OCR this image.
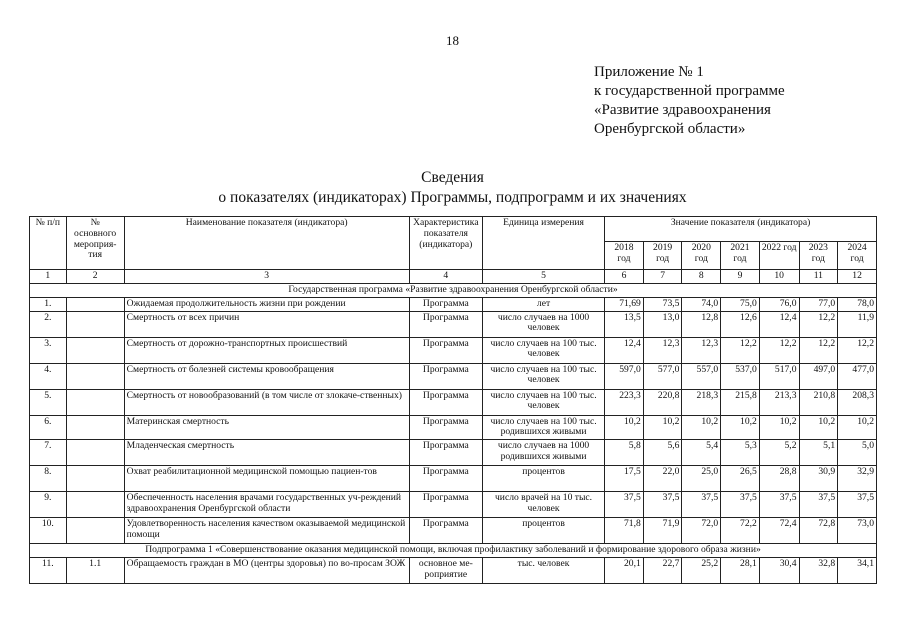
18
Приложение № 1
к государственной программе
«Развитие здравоохранения
Оренбургской области»
Сведения
о показателях (индикаторах) Программы, подпрограмм и их значениях
№ п/п	№ основного мероприя-тия	Наименование показателя (индикатора)	Характеристика показателя (индикатора)	Единица измерения	Значение показателя (индикатора)						
					2018 год	2019 год	2020 год	2021 год	2022 год	2023 год	2024 год
1	2	3	4	5	6	7	8	9	10	11	12
Государственная программа «Развитие здравоохранения Оренбургской области»											
1.		Ожидаемая продолжительность жизни при рождении	Программа	лет	71,69	73,5	74,0	75,0	76,0	77,0	78,0
2.		Смертность от всех причин	Программа	число случаев на 1000 человек	13,5	13,0	12,8	12,6	12,4	12,2	11,9
3.		Смертность от дорожно-транспортных происшествий	Программа	число случаев на 100 тыс. человек	12,4	12,3	12,3	12,2	12,2	12,2	12,2
4.		Смертность от болезней системы кровообращения	Программа	число случаев на 100 тыс. человек	597,0	577,0	557,0	537,0	517,0	497,0	477,0
5.		Смертность от новообразований (в том числе от злокаче-ственных)	Программа	число случаев на 100 тыс. человек	223,3	220,8	218,3	215,8	213,3	210,8	208,3
6.		Материнская смертность	Программа	число случаев на 100 тыс. родившихся живыми	10,2	10,2	10,2	10,2	10,2	10,2	10,2
7.		Младенческая смертность	Программа	число случаев на 1000 родившихся живыми	5,8	5,6	5,4	5,3	5,2	5,1	5,0
8.		Охват реабилитационной медицинской помощью пациен-тов	Программа	процентов	17,5	22,0	25,0	26,5	28,8	30,9	32,9
9.		Обеспеченность населения врачами государственных уч-реждений здравоохранения Оренбургской области	Программа	число врачей на 10 тыс. человек	37,5	37,5	37,5	37,5	37,5	37,5	37,5
10.		Удовлетворенность населения качеством оказываемой медицинской помощи	Программа	процентов	71,8	71,9	72,0	72,2	72,4	72,8	73,0
Подпрограмма 1 «Совершенствование оказания медицинской помощи, включая профилактику заболеваний и формирование здорового образа жизни»											
11.	1.1	Обращаемость граждан в МО (центры здоровья) по во-просам ЗОЖ	основное ме-роприятие	тыс. человек	20,1	22,7	25,2	28,1	30,4	32,8	34,1
